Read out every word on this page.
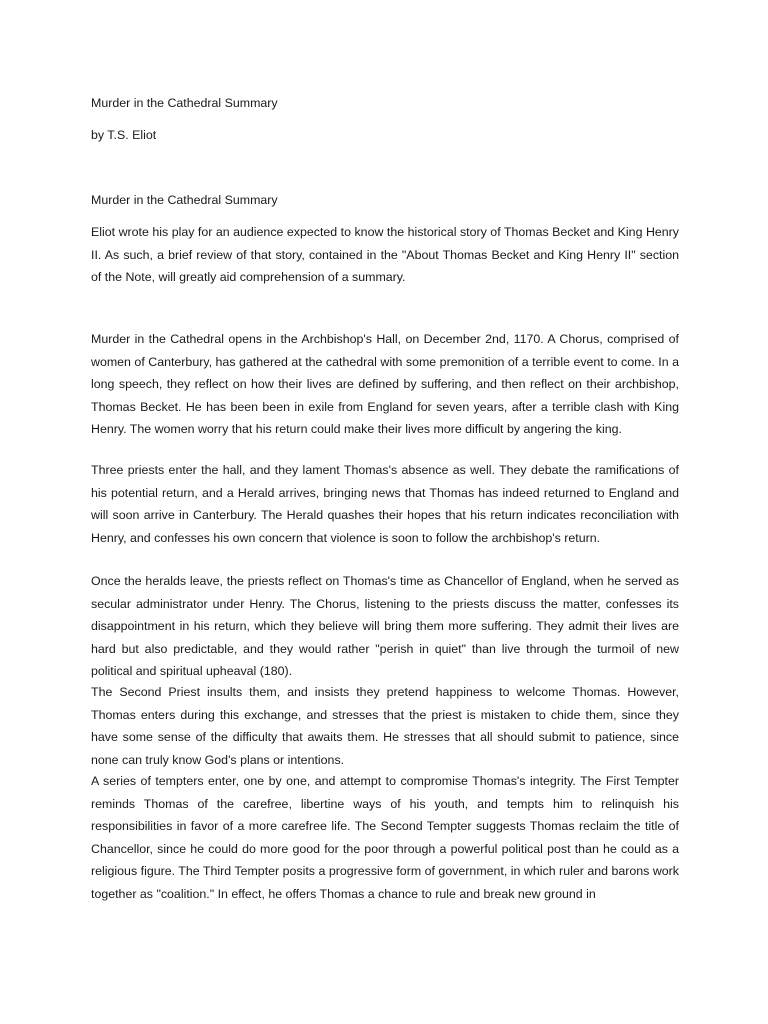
Murder in the Cathedral Summary

by T.S. Eliot

Murder in the Cathedral Summary

Eliot wrote his play for an audience expected to know the historical story of Thomas Becket and King Henry II. As such, a brief review of that story, contained in the "About Thomas Becket and King Henry II" section of the Note, will greatly aid comprehension of a summary.

Murder in the Cathedral opens in the Archbishop's Hall, on December 2nd, 1170. A Chorus, comprised of women of Canterbury, has gathered at the cathedral with some premonition of a terrible event to come. In a long speech, they reflect on how their lives are defined by suffering, and then reflect on their archbishop, Thomas Becket. He has been been in exile from England for seven years, after a terrible clash with King Henry. The women worry that his return could make their lives more difficult by angering the king.

Three priests enter the hall, and they lament Thomas's absence as well. They debate the ramifications of his potential return, and a Herald arrives, bringing news that Thomas has indeed returned to England and will soon arrive in Canterbury. The Herald quashes their hopes that his return indicates reconciliation with Henry, and confesses his own concern that violence is soon to follow the archbishop's return.

Once the heralds leave, the priests reflect on Thomas's time as Chancellor of England, when he served as secular administrator under Henry. The Chorus, listening to the priests discuss the matter, confesses its disappointment in his return, which they believe will bring them more suffering. They admit their lives are hard but also predictable, and they would rather "perish in quiet" than live through the turmoil of new political and spiritual upheaval (180).

The Second Priest insults them, and insists they pretend happiness to welcome Thomas. However, Thomas enters during this exchange, and stresses that the priest is mistaken to chide them, since they have some sense of the difficulty that awaits them. He stresses that all should submit to patience, since none can truly know God's plans or intentions.

A series of tempters enter, one by one, and attempt to compromise Thomas's integrity. The First Tempter reminds Thomas of the carefree, libertine ways of his youth, and tempts him to relinquish his responsibilities in favor of a more carefree life. The Second Tempter suggests Thomas reclaim the title of Chancellor, since he could do more good for the poor through a powerful political post than he could as a religious figure. The Third Tempter posits a progressive form of government, in which ruler and barons work together as "coalition." In effect, he offers Thomas a chance to rule and break new ground in
